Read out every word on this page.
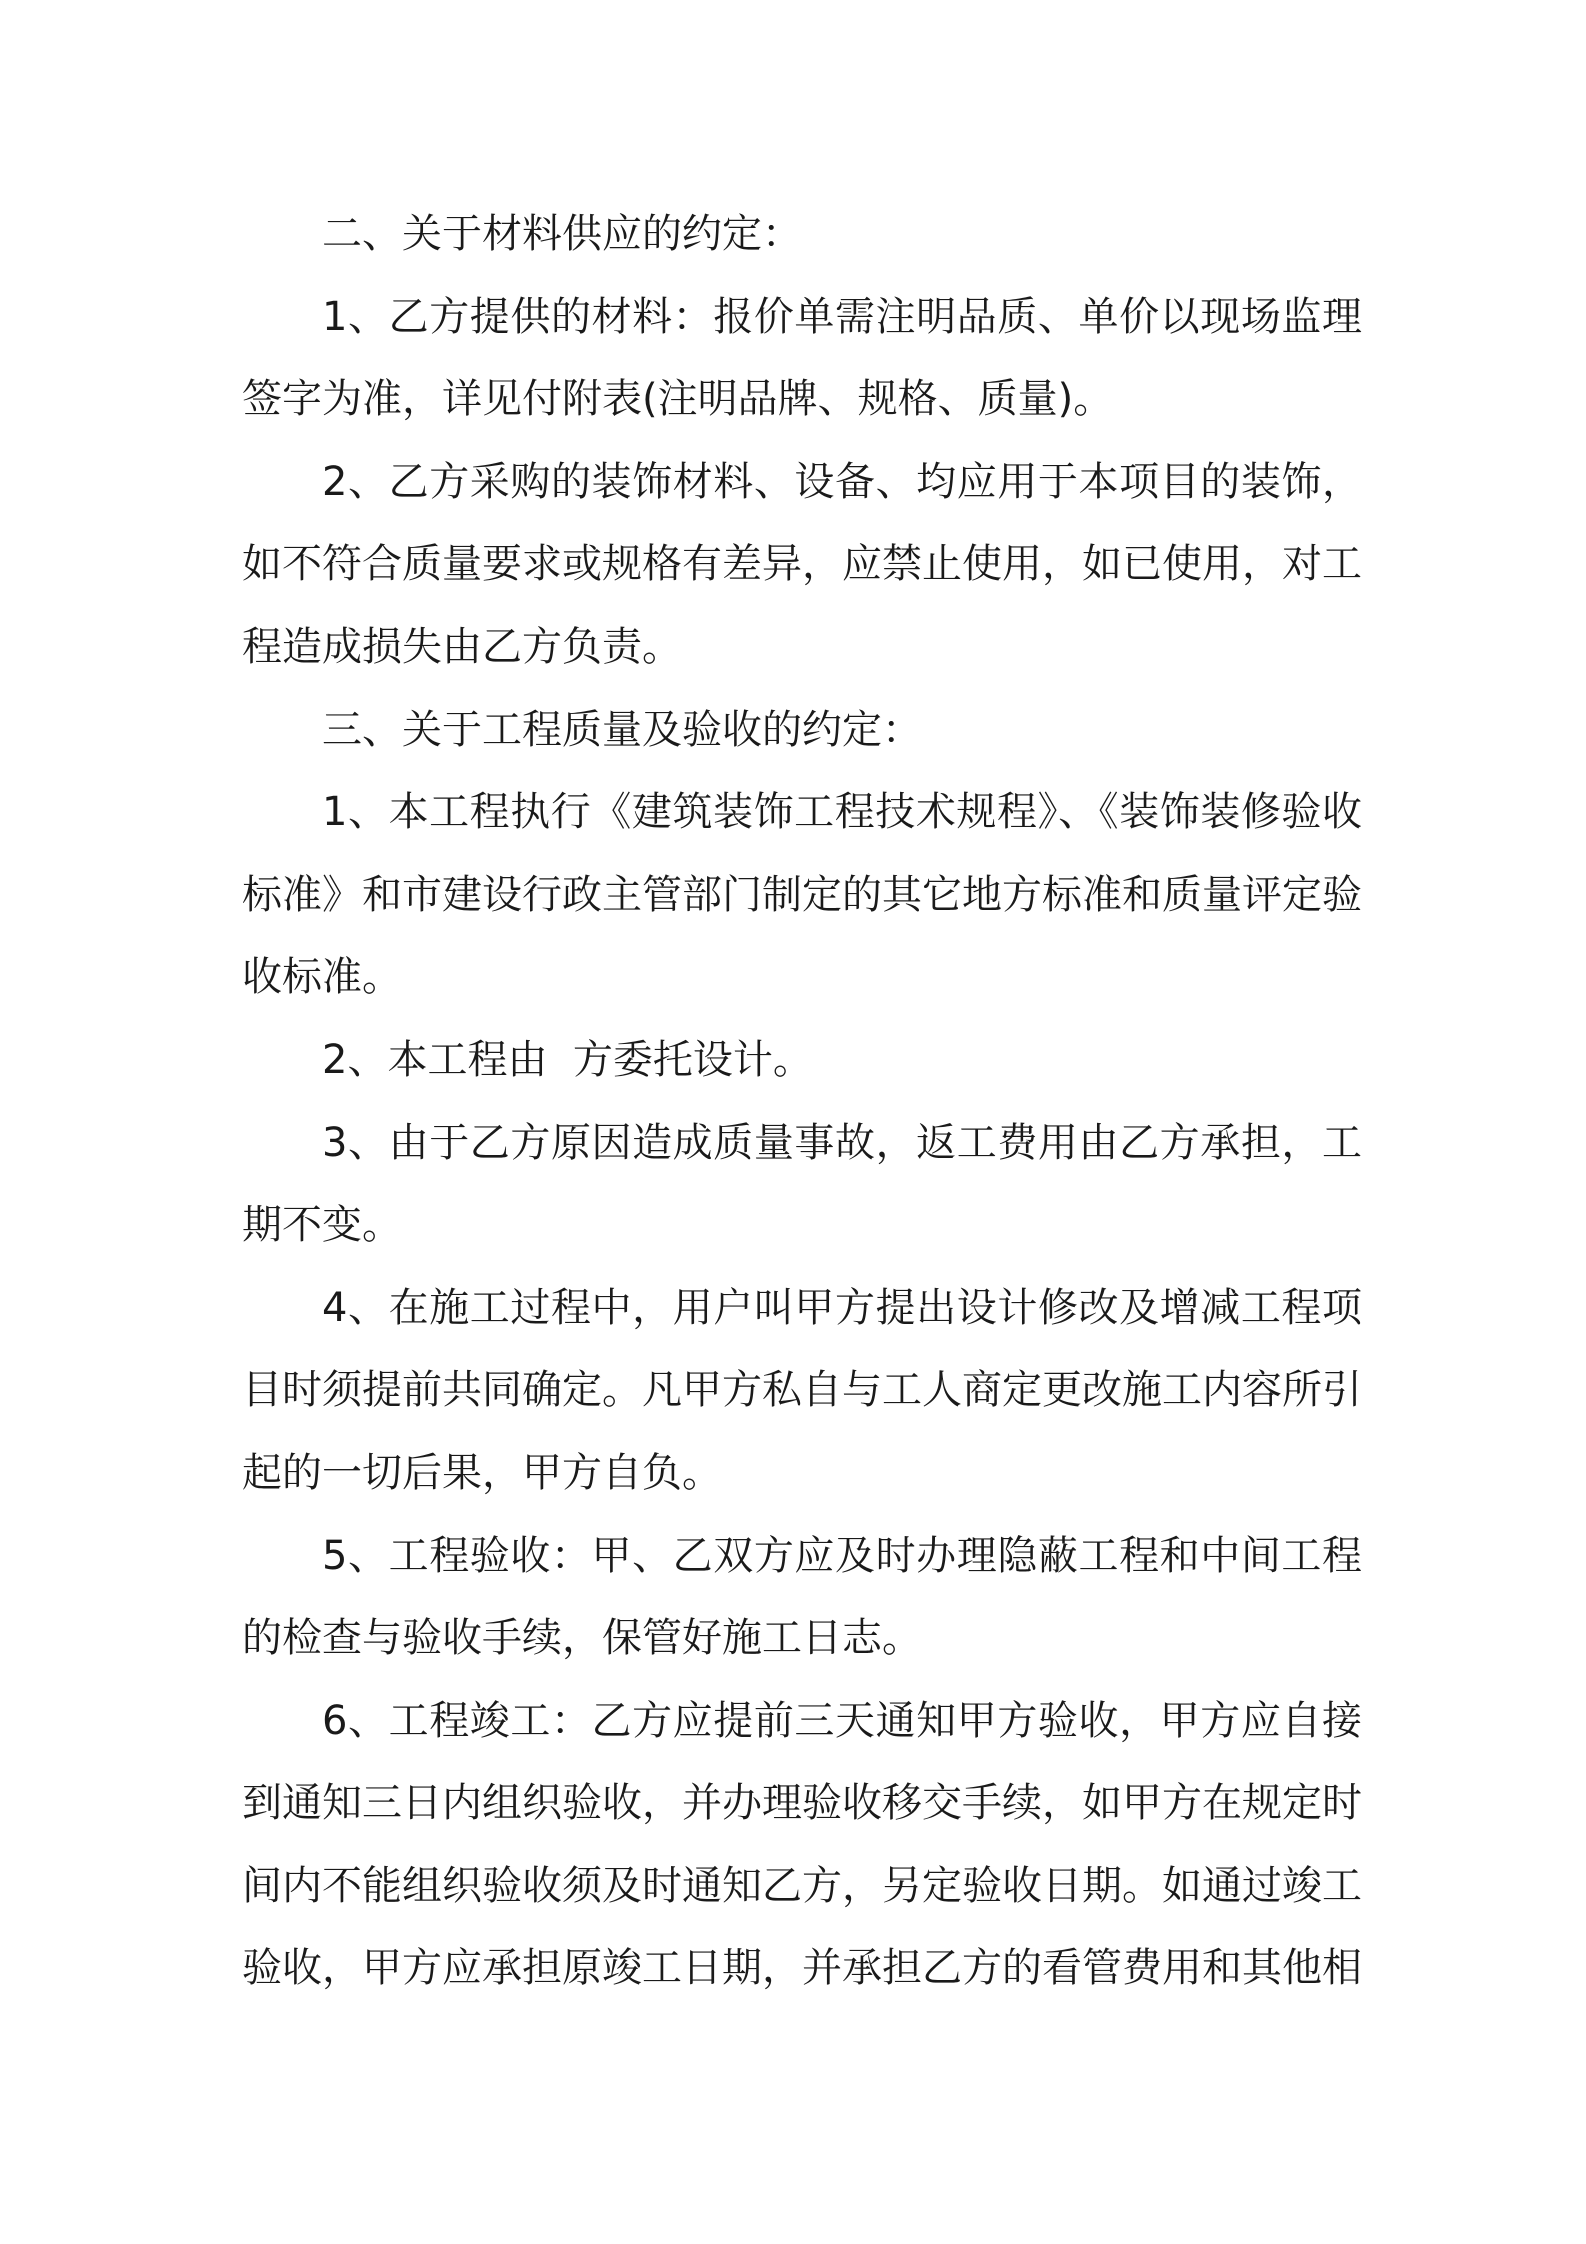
二、关于材料供应的约定：

1、乙方提供的材料：报价单需注明品质、单价以现场监理签字为准，详见付附表(注明品牌、规格、质量)。

2、乙方采购的装饰材料、设备、均应用于本项目的装饰，如不符合质量要求或规格有差异，应禁止使用，如已使用，对工程造成损失由乙方负责。

三、关于工程质量及验收的约定：

1、本工程执行《建筑装饰工程技术规程》、《装饰装修验收标准》和市建设行政主管部门制定的其它地方标准和质量评定验收标准。

2、本工程由  方委托设计。

3、由于乙方原因造成质量事故，返工费用由乙方承担，工期不变。

4、在施工过程中，用户叫甲方提出设计修改及增减工程项目时须提前共同确定。凡甲方私自与工人商定更改施工内容所引起的一切后果，甲方自负。

5、工程验收：甲、乙双方应及时办理隐蔽工程和中间工程的检查与验收手续，保管好施工日志。

6、工程竣工：乙方应提前三天通知甲方验收，甲方应自接到通知三日内组织验收，并办理验收移交手续，如甲方在规定时间内不能组织验收须及时通知乙方，另定验收日期。如通过竣工验收，甲方应承担原竣工日期，并承担乙方的看管费用和其他相
